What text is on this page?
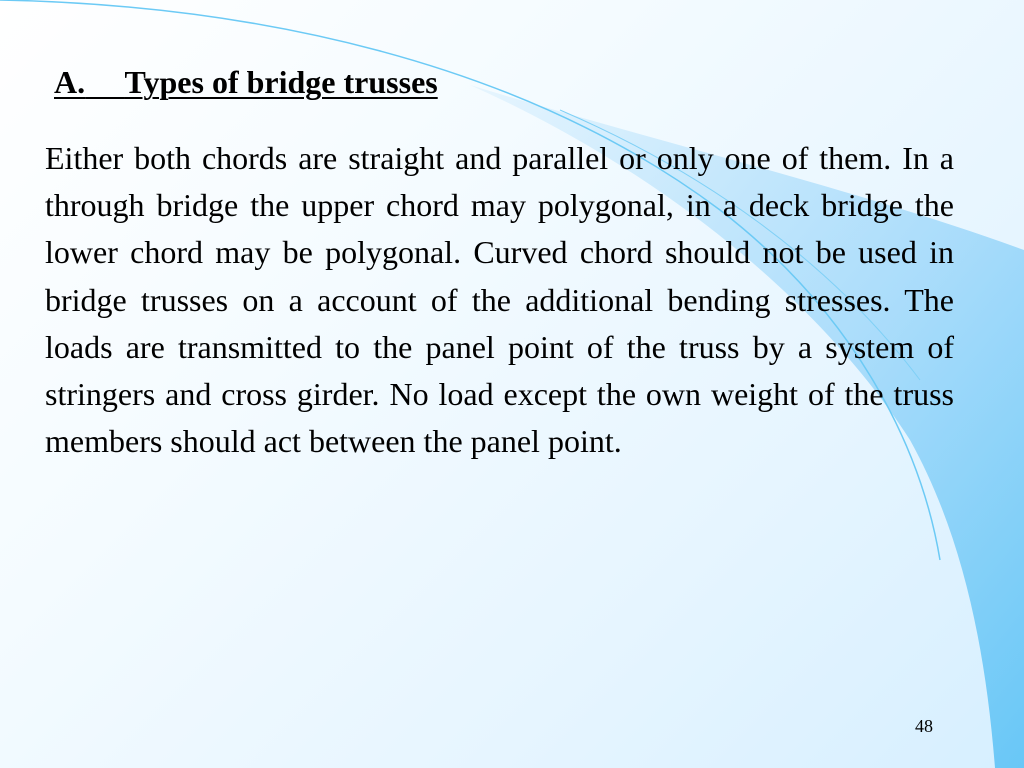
A. Types of bridge trusses

Either both chords are straight and parallel or only one of them. In a through bridge the upper chord may polygonal, in a deck bridge the lower chord may be polygonal. Curved chord should not be used in bridge trusses on a account of the additional bending stresses. The loads are transmitted to the panel point of the truss by a system of stringers and cross girder. No load except the own weight of the truss members should act between the panel point.

48
